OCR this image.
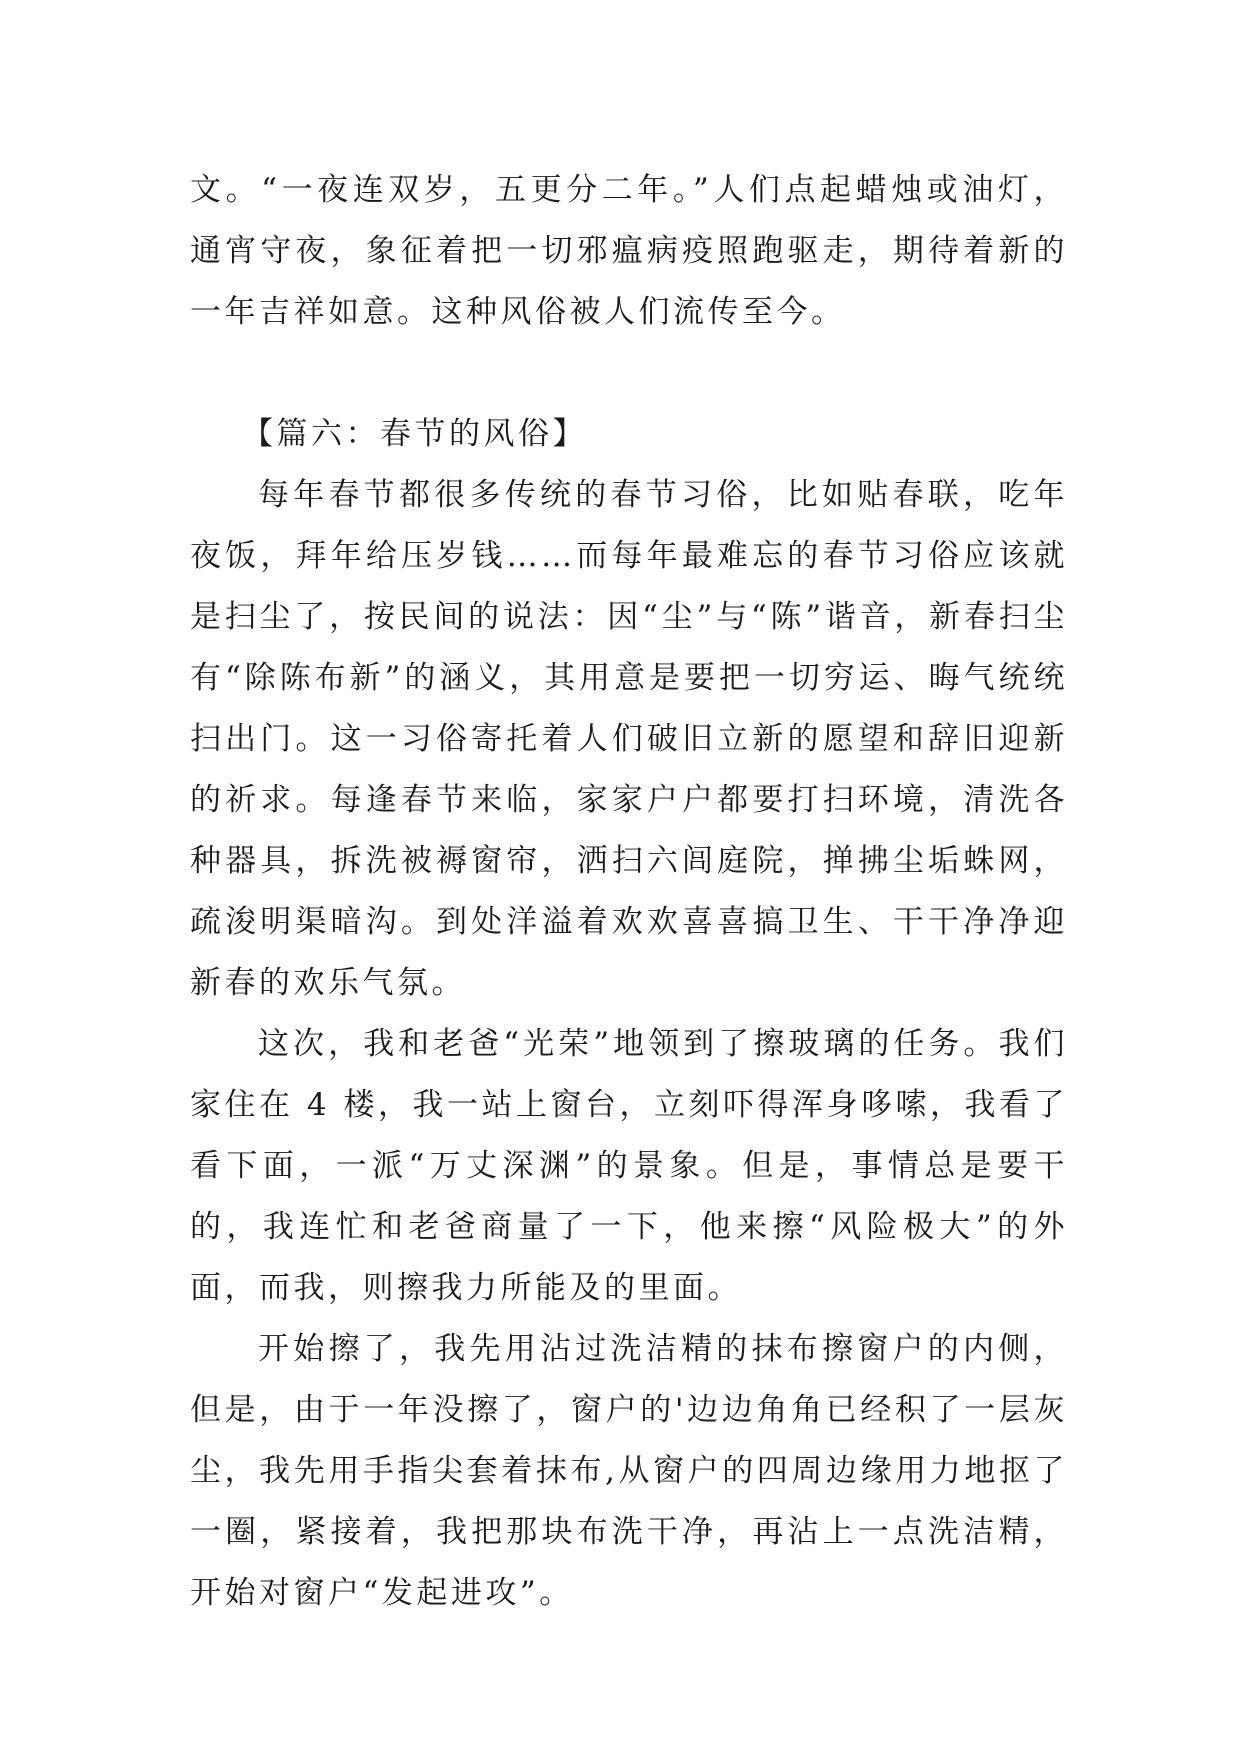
文。“一夜连双岁，五更分二年。”人们点起蜡烛或油灯，通宵守夜，象征着把一切邪瘟病疫照跑驱走，期待着新的一年吉祥如意。这种风俗被人们流传至今。

【篇六：春节的风俗】

每年春节都很多传统的春节习俗，比如贴春联，吃年夜饭，拜年给压岁钱……而每年最难忘的春节习俗应该就是扫尘了，按民间的说法：因“尘”与“陈”谐音，新春扫尘有“除陈布新”的涵义，其用意是要把一切穷运、晦气统统扫出门。这一习俗寄托着人们破旧立新的愿望和辞旧迎新的祈求。每逢春节来临，家家户户都要打扫环境，清洗各种器具，拆洗被褥窗帘，洒扫六闾庭院，掸拂尘垢蛛网，疏浚明渠暗沟。到处洋溢着欢欢喜喜搞卫生、干干净净迎新春的欢乐气氛。

这次，我和老爸“光荣”地领到了擦玻璃的任务。我们家住在 4 楼，我一站上窗台，立刻吓得浑身哆嗦，我看了看下面，一派“万丈深渊”的景象。但是，事情总是要干的，我连忙和老爸商量了一下，他来擦“风险极大”的外面，而我，则擦我力所能及的里面。

开始擦了，我先用沾过洗洁精的抹布擦窗户的内侧，但是，由于一年没擦了，窗户的'边边角角已经积了一层灰尘，我先用手指尖套着抹布,从窗户的四周边缘用力地抠了一圈，紧接着，我把那块布洗干净，再沾上一点洗洁精，开始对窗户“发起进攻”。
